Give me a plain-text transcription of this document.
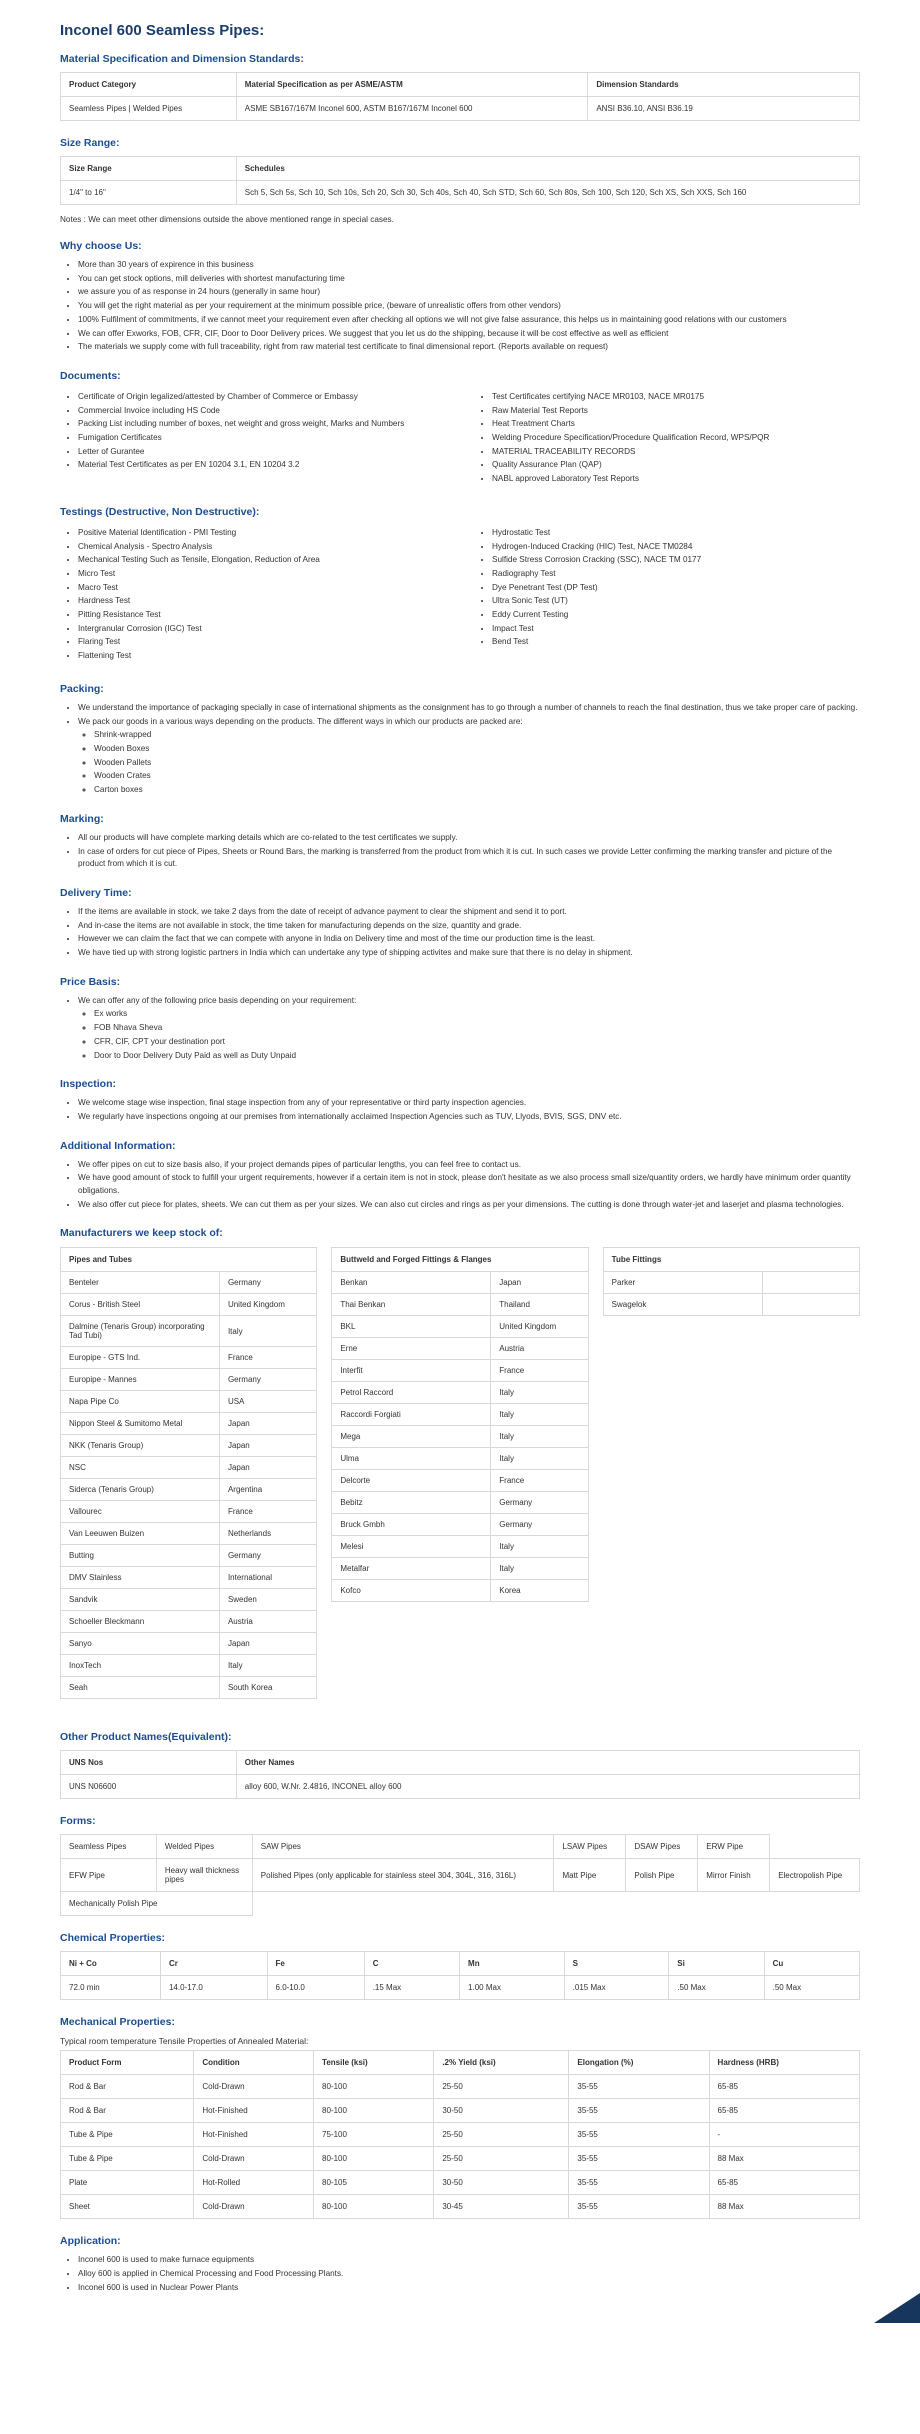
Inconel 600 Seamless Pipes:
Material Specification and Dimension Standards:
Product Category	Material Specification as per ASME/ASTM	Dimension Standards
Seamless Pipes | Welded Pipes	ASME SB167/167M Inconel 600, ASTM B167/167M Inconel 600	ANSI B36.10, ANSI B36.19
Size Range:
Size Range	Schedules
1/4" to 16"	Sch 5, Sch 5s, Sch 10, Sch 10s, Sch 20, Sch 30, Sch 40s, Sch 40, Sch STD, Sch 60, Sch 80s, Sch 100, Sch 120, Sch XS, Sch XXS, Sch 160

Notes : We can meet other dimensions outside the above mentioned range in special cases.

Why choose Us:
• More than 30 years of expirence in this business
• You can get stock options, mill deliveries with shortest manufacturing time
• we assure you of as response in 24 hours (generally in same hour)
• You will get the right material as per your requirement at the minimum possible price, (beware of unrealistic offers from other vendors)
• 100% Fulfilment of commitments, if we cannot meet your requirement even after checking all options we will not give false assurance, this helps us in maintaining good relations with our customers
• We can offer Exworks, FOB, CFR, CIF, Door to Door Delivery prices. We suggest that you let us do the shipping, because it will be cost effective as well as efficient
• The materials we supply come with full traceability, right from raw material test certificate to final dimensional report. (Reports available on request)
Documents:
• Certificate of Origin legalized/attested by Chamber of Commerce or Embassy
• Commercial Invoice including HS Code
• Packing List including number of boxes, net weight and gross weight, Marks and Numbers
• Fumigation Certificates
• Letter of Gurantee
• Material Test Certificates as per EN 10204 3.1, EN 10204 3.2
• Test Certificates certifying NACE MR0103, NACE MR0175
• Raw Material Test Reports
• Heat Treatment Charts
• Welding Procedure Specification/Procedure Qualification Record, WPS/PQR
• MATERIAL TRACEABILITY RECORDS
• Quality Assurance Plan (QAP)
• NABL approved Laboratory Test Reports
Testings (Destructive, Non Destructive):
• Positive Material Identification - PMI Testing
• Chemical Analysis - Spectro Analysis
• Mechanical Testing Such as Tensile, Elongation, Reduction of Area
• Micro Test
• Macro Test
• Hardness Test
• Pitting Resistance Test
• Intergranular Corrosion (IGC) Test
• Flaring Test
• Flattening Test
• Hydrostatic Test
• Hydrogen-Induced Cracking (HIC) Test, NACE TM0284
• Sulfide Stress Corrosion Cracking (SSC), NACE TM 0177
• Radiography Test
• Dye Penetrant Test (DP Test)
• Ultra Sonic Test (UT)
• Eddy Current Testing
• Impact Test
• Bend Test
Packing:
• We understand the importance of packaging specially in case of international shipments as the consignment has to go through a number of channels to reach the final destination, thus we take proper care of packing.
• We pack our goods in a various ways depending on the products. The different ways in which our products are packed are:
◦ Shrink-wrapped
◦ Wooden Boxes
◦ Wooden Pallets
◦ Wooden Crates
◦ Carton boxes
Marking:
• All our products will have complete marking details which are co-related to the test certificates we supply.
• In case of orders for cut piece of Pipes, Sheets or Round Bars, the marking is transferred from the product from which it is cut. In such cases we provide Letter confirming the marking transfer and picture of the product from which it is cut.
Delivery Time:
• If the items are available in stock, we take 2 days from the date of receipt of advance payment to clear the shipment and send it to port.
• And in-case the items are not available in stock, the time taken for manufacturing depends on the size, quantity and grade.
• However we can claim the fact that we can compete with anyone in India on Delivery time and most of the time our production time is the least.
• We have tied up with strong logistic partners in India which can undertake any type of shipping activites and make sure that there is no delay in shipment.
Price Basis:
• We can offer any of the following price basis depending on your requirement:
◦ Ex works
◦ FOB Nhava Sheva
◦ CFR, CIF, CPT your destination port
◦ Door to Door Delivery Duty Paid as well as Duty Unpaid
Inspection:
• We welcome stage wise inspection, final stage inspection from any of your representative or third party inspection agencies.
• We regularly have inspections ongoing at our premises from internationally acclaimed Inspection Agencies such as TUV, Llyods, BVIS, SGS, DNV etc.
Additional Information:
• We offer pipes on cut to size basis also, if your project demands pipes of particular lengths, you can feel free to contact us.
• We have good amount of stock to fulfill your urgent requirements, however if a certain item is not in stock, please don't hesitate as we also process small size/quantity orders, we hardly have minimum order quantity obligations.
• We also offer cut piece for plates, sheets. We can cut them as per your sizes. We can also cut circles and rings as per your dimensions. The cutting is done through water-jet and laserjet and plasma technologies.
Manufacturers we keep stock of:
Pipes and Tubes	
Benteler	Germany
Corus - British Steel	United Kingdom
Dalmine (Tenaris Group) incorporating Tad Tubi)	Italy
Europipe - GTS Ind.	France
Europipe - Mannes	Germany
Napa Pipe Co	USA
Nippon Steel & Sumitomo Metal	Japan
NKK (Tenaris Group)	Japan
NSC	Japan
Siderca (Tenaris Group)	Argentina
Vallourec	France
Van Leeuwen Buizen	Netherlands
Butting	Germany
DMV Stainless	International
Sandvik	Sweden
Schoeller Bleckmann	Austria
Sanyo	Japan
InoxTech	Italy
Seah	South Korea
Buttweld and Forged Fittings & Flanges	
Benkan	Japan
Thai Benkan	Thailand
BKL	United Kingdom
Erne	Austria
Interfit	France
Petrol Raccord	Italy
Raccordi Forgiati	Italy
Mega	Italy
Ulma	Italy
Delcorte	France
Bebitz	Germany
Bruck Gmbh	Germany
Melesi	Italy
Metalfar	Italy
Kofco	Korea
Tube Fittings	
Parker	
Swagelok	
Other Product Names(Equivalent):
UNS Nos	Other Names
UNS N06600	alloy 600, W.Nr. 2.4816, INCONEL alloy 600
Forms:
Seamless Pipes	Welded Pipes	SAW Pipes	LSAW Pipes	DSAW Pipes	ERW Pipe	
EFW Pipe	Heavy wall thickness pipes	Polished Pipes (only applicable for stainless steel 304, 304L, 316, 316L)	Matt Pipe	Polish Pipe	Mirror Finish	Electropolish Pipe
Mechanically Polish Pipe						
Chemical Properties:
Ni + Co	Cr	Fe	C	Mn	S	Si	Cu
72.0 min	14.0-17.0	6.0-10.0	.15 Max	1.00 Max	.015 Max	.50 Max	.50 Max
Mechanical Properties:

Typical room temperature Tensile Properties of Annealed Material:

Product Form	Condition	Tensile (ksi)	.2% Yield (ksi)	Elongation (%)	Hardness (HRB)
Rod & Bar	Cold-Drawn	80-100	25-50	35-55	65-85
Rod & Bar	Hot-Finished	80-100	30-50	35-55	65-85
Tube & Pipe	Hot-Finished	75-100	25-50	35-55	-
Tube & Pipe	Cold-Drawn	80-100	25-50	35-55	88 Max
Plate	Hot-Rolled	80-105	30-50	35-55	65-85
Sheet	Cold-Drawn	80-100	30-45	35-55	88 Max
Application:
• Inconel 600 is used to make furnace equipments
• Alloy 600 is applied in Chemical Processing and Food Processing Plants.
• Inconel 600 is used in Nuclear Power Plants
